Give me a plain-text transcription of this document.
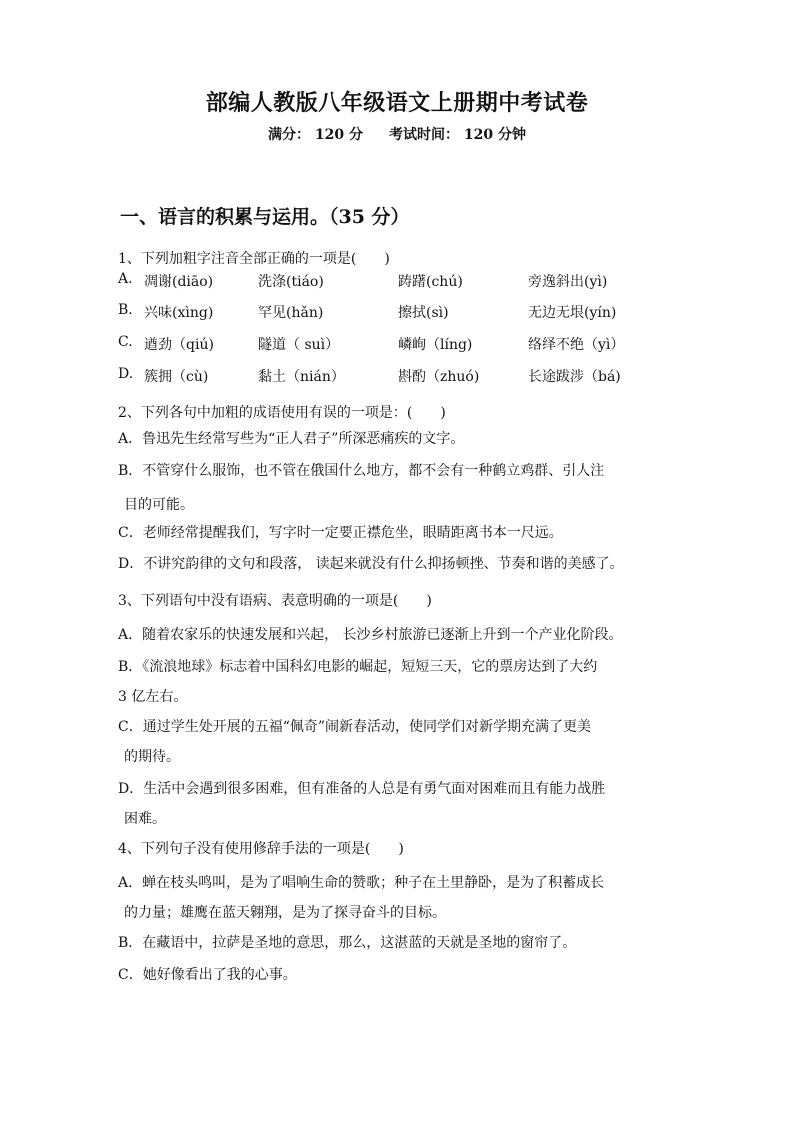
部编人教版八年级语文上册期中考试卷
满分： 120 分 考试时间： 120 分钟
一、语言的积累与运用。（35 分）
1、下列加粗字注音全部正确的一项是(　　)
A. 凋谢(diāo)	洗涤(tiáo)	踌躇(chú)	旁逸斜出(yì)
B. 兴味(xìng)	罕见(hǎn)	擦拭(sì)	无边无垠(yín)
C. 遒劲（qiú)	隧道（ suì）	嶙峋（líng)	络绎不绝（yì）
D. 簇拥（cù)	黏土（nián）	斟酌（zhuó)	长途跋涉（bá)
2、下列各句中加粗的成语使用有误的一项是：(　　)
A．鲁迅先生经常写些为“正人君子”所深恶痛疾的文字。
B．不管穿什么服饰，也不管在俄国什么地方，都不会有一种鹤立鸡群、引人注
目的可能。
C．老师经常提醒我们，写字时一定要正襟危坐，眼睛距离书本一尺远。
D．不讲究韵律的文句和段落， 读起来就没有什么抑扬顿挫、节奏和谐的美感了。
3、下列语句中没有语病、表意明确的一项是(　　)
A．随着农家乐的快速发展和兴起， 长沙乡村旅游已逐渐上升到一个产业化阶段。
B．《流浪地球》标志着中国科幻电影的崛起，短短三天，它的票房达到了大约
3 亿左右。
C．通过学生处开展的五福“佩奇”闹新春活动，使同学们对新学期充满了更美
的期待。
D．生活中会遇到很多困难，但有准备的人总是有勇气面对困难而且有能力战胜
困难。
4、下列句子没有使用修辞手法的一项是(　　)
A．蝉在枝头鸣叫，是为了唱响生命的赞歌；种子在土里静卧，是为了积蓄成长
的力量；雄鹰在蓝天翱翔，是为了探寻奋斗的目标。
B．在藏语中，拉萨是圣地的意思，那么，这湛蓝的天就是圣地的窗帘了。
C．她好像看出了我的心事。
